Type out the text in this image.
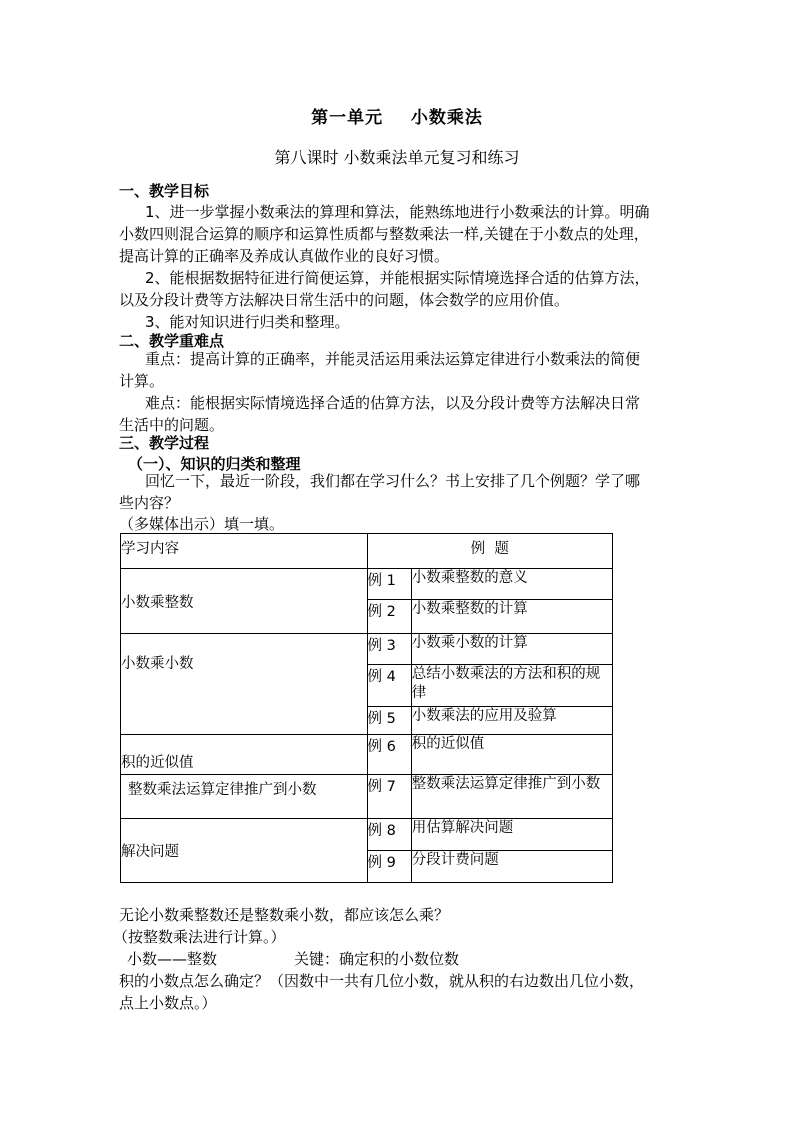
第一单元    小数乘法
第八课时 小数乘法单元复习和练习
一、教学目标
1、进一步掌握小数乘法的算理和算法，能熟练地进行小数乘法的计算。明确
小数四则混合运算的顺序和运算性质都与整数乘法一样,关键在于小数点的处理，
提高计算的正确率及养成认真做作业的良好习惯。
2、能根据数据特征进行简便运算，并能根据实际情境选择合适的估算方法，
以及分段计费等方法解决日常生活中的问题，体会数学的应用价值。
3、能对知识进行归类和整理。
二、教学重难点
重点：提高计算的正确率，并能灵活运用乘法运算定律进行小数乘法的简便
计算。
难点：能根据实际情境选择合适的估算方法，以及分段计费等方法解决日常
生活中的问题。
三、教学过程
（一）、知识的归类和整理
回忆一下，最近一阶段，我们都在学习什么？书上安排了几个例题？学了哪
些内容？
（多媒体出示）填一填。
学习内容	例  题	
小数乘整数	例 1	小数乘整数的意义
	例 2	小数乘整数的计算
小数乘小数	例 3	小数乘小数的计算
	例 4	总结小数乘法的方法和积的规律
	例 5	小数乘法的应用及验算
积的近似值	例 6	积的近似值
整数乘法运算定律推广到小数	例 7	整数乘法运算定律推广到小数
解决问题	例 8	用估算解决问题
	例 9	分段计费问题
无论小数乘整数还是整数乘小数，都应该怎么乘？
（按整数乘法进行计算。）
小数——整数	关键：确定积的小数位数
积的小数点怎么确定？（因数中一共有几位小数，就从积的右边数出几位小数，
点上小数点。）
